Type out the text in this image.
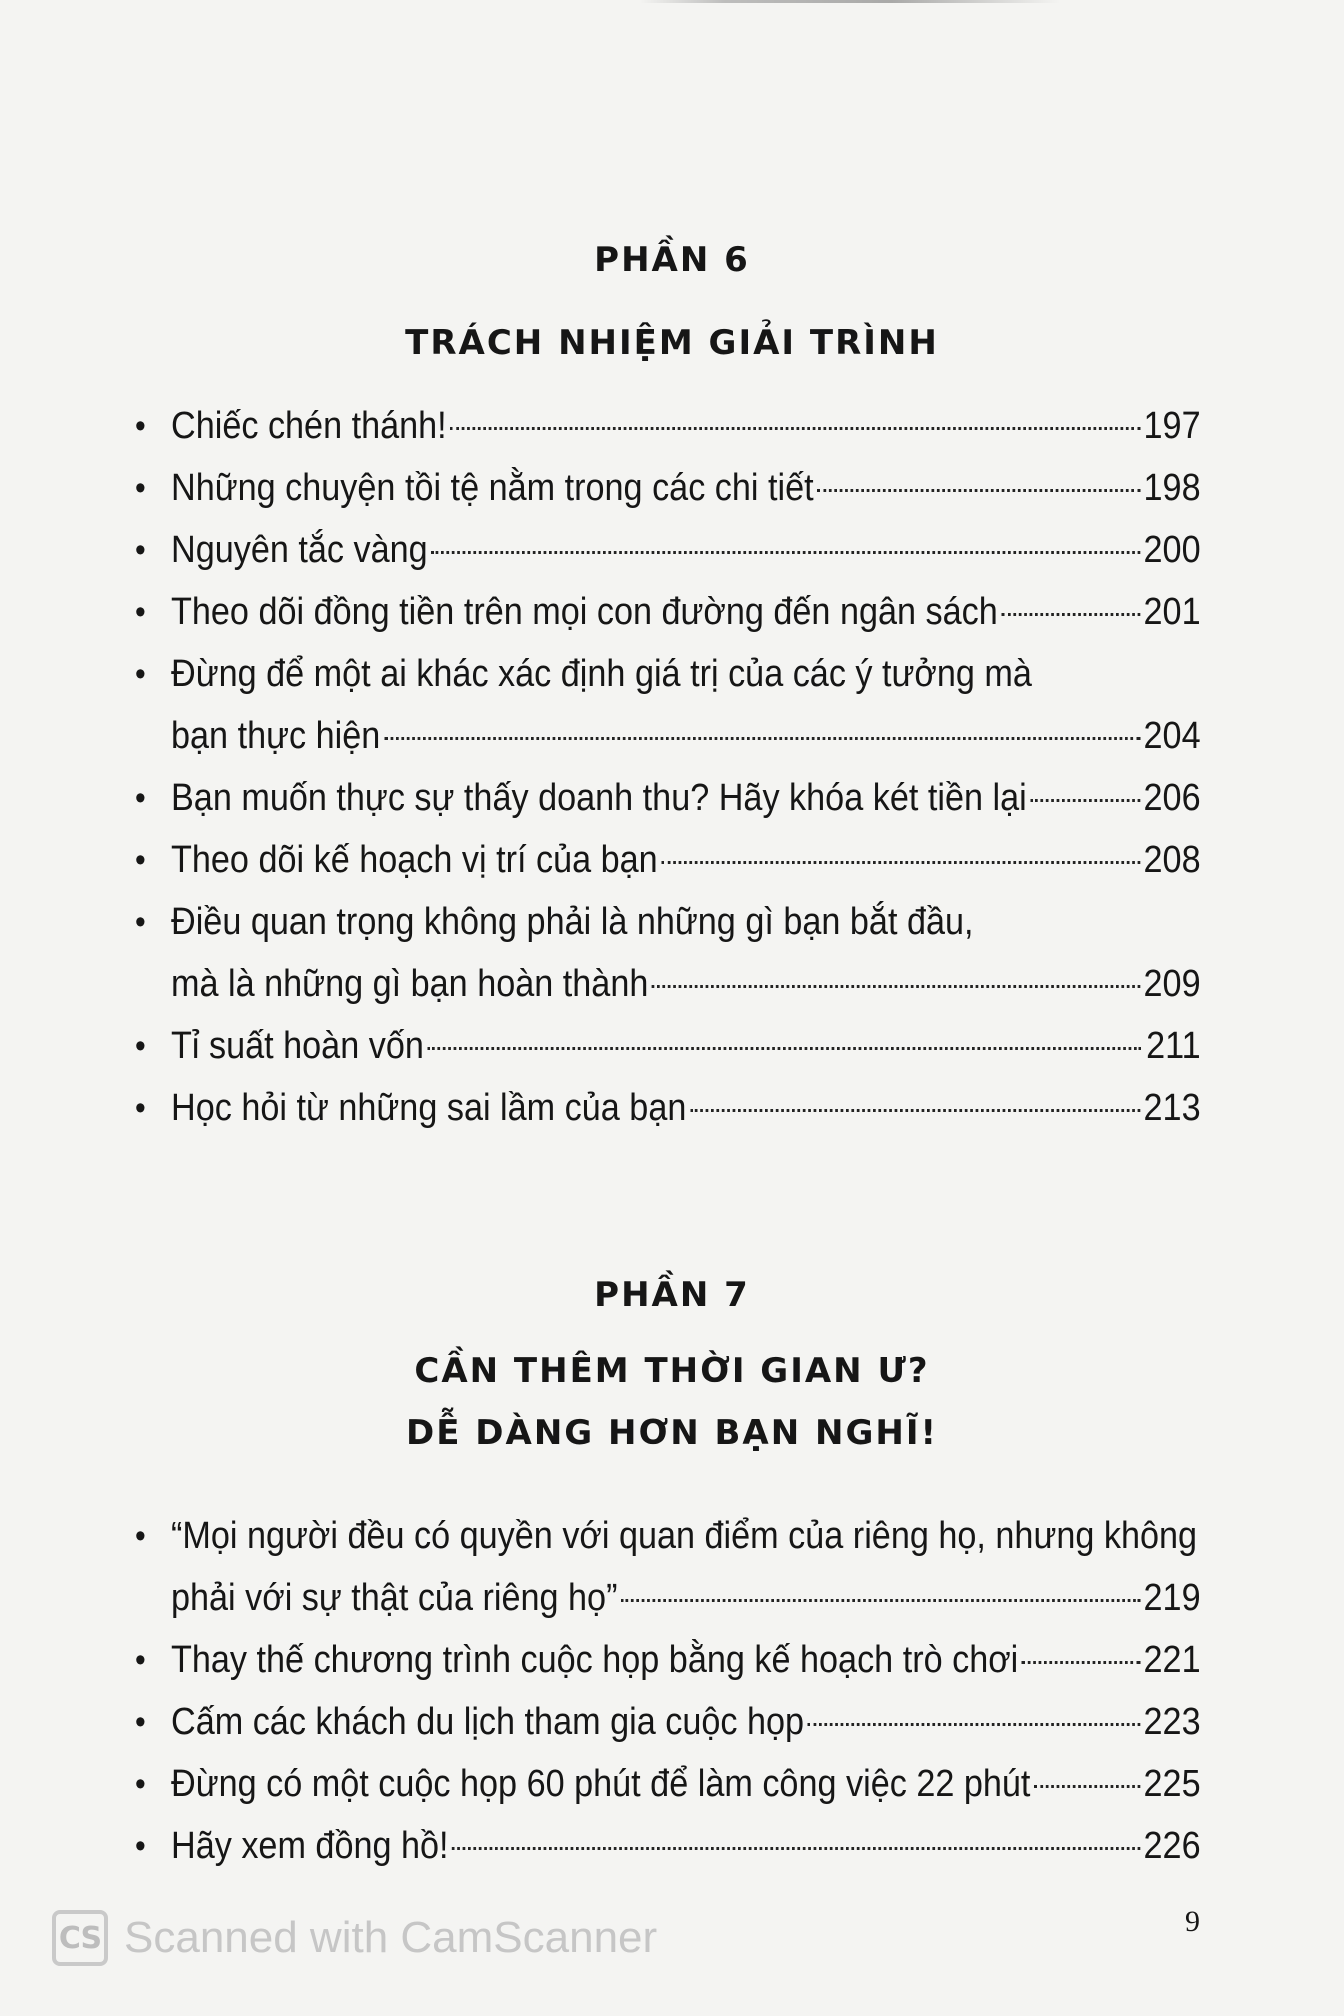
PHẦN 6
TRÁCH NHIỆM GIẢI TRÌNH
• Chiếc chén thánh!	197
• Những chuyện tồi tệ nằm trong các chi tiết	198
• Nguyên tắc vàng	200
• Theo dõi đồng tiền trên mọi con đường đến ngân sách	201
• Đừng để một ai khác xác định giá trị của các ý tưởng mà
bạn thực hiện	204
• Bạn muốn thực sự thấy doanh thu? Hãy khóa két tiền lại	206
• Theo dõi kế hoạch vị trí của bạn	208
• Điều quan trọng không phải là những gì bạn bắt đầu,
mà là những gì bạn hoàn thành	209
• Tỉ suất hoàn vốn	211
• Học hỏi từ những sai lầm của bạn	213
PHẦN 7
CẦN THÊM THỜI GIAN Ư?
DỄ DÀNG HƠN BẠN NGHĨ!
• “Mọi người đều có quyền với quan điểm của riêng họ, nhưng không
phải với sự thật của riêng họ”	219
• Thay thế chương trình cuộc họp bằng kế hoạch trò chơi	221
• Cấm các khách du lịch tham gia cuộc họp	223
• Đừng có một cuộc họp 60 phút để làm công việc 22 phút	225
• Hãy xem đồng hồ!	226
CS Scanned with CamScanner	9
